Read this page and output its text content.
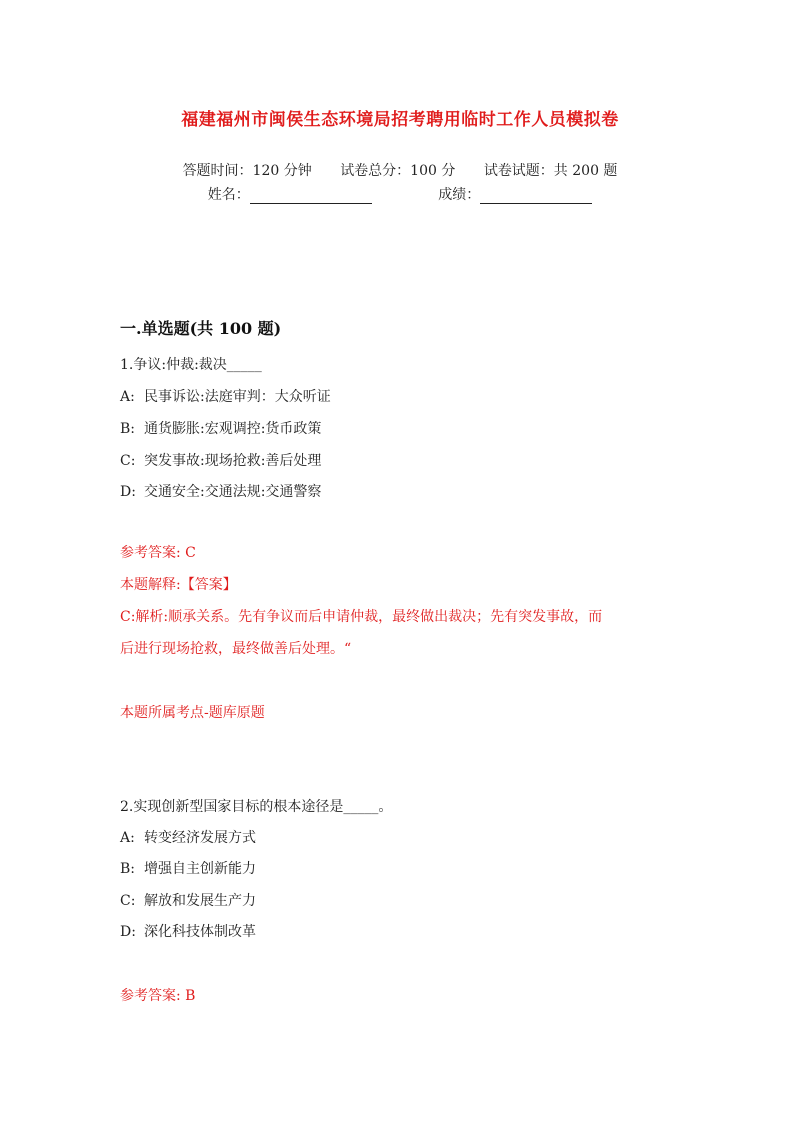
福建福州市闽侯生态环境局招考聘用临时工作人员模拟卷
答题时间：120 分钟 试卷总分：100 分 试卷试题：共 200 题
姓名：	成绩：
一.单选题(共 100 题)
1.争议:仲裁:裁决_____
A: 民事诉讼:法庭审判：大众听证
B: 通货膨胀:宏观调控:货币政策
C: 突发事故:现场抢救:善后处理
D: 交通安全:交通法规:交通警察
参考答案: C
本题解释:【答案】
C:解析:顺承关系。先有争议而后申请仲裁，最终做出裁决；先有突发事故，而
后进行现场抢救，最终做善后处理。“
本题所属考点-题库原题
2.实现创新型国家目标的根本途径是_____。
A: 转变经济发展方式
B: 增强自主创新能力
C: 解放和发展生产力
D: 深化科技体制改革
参考答案: B
